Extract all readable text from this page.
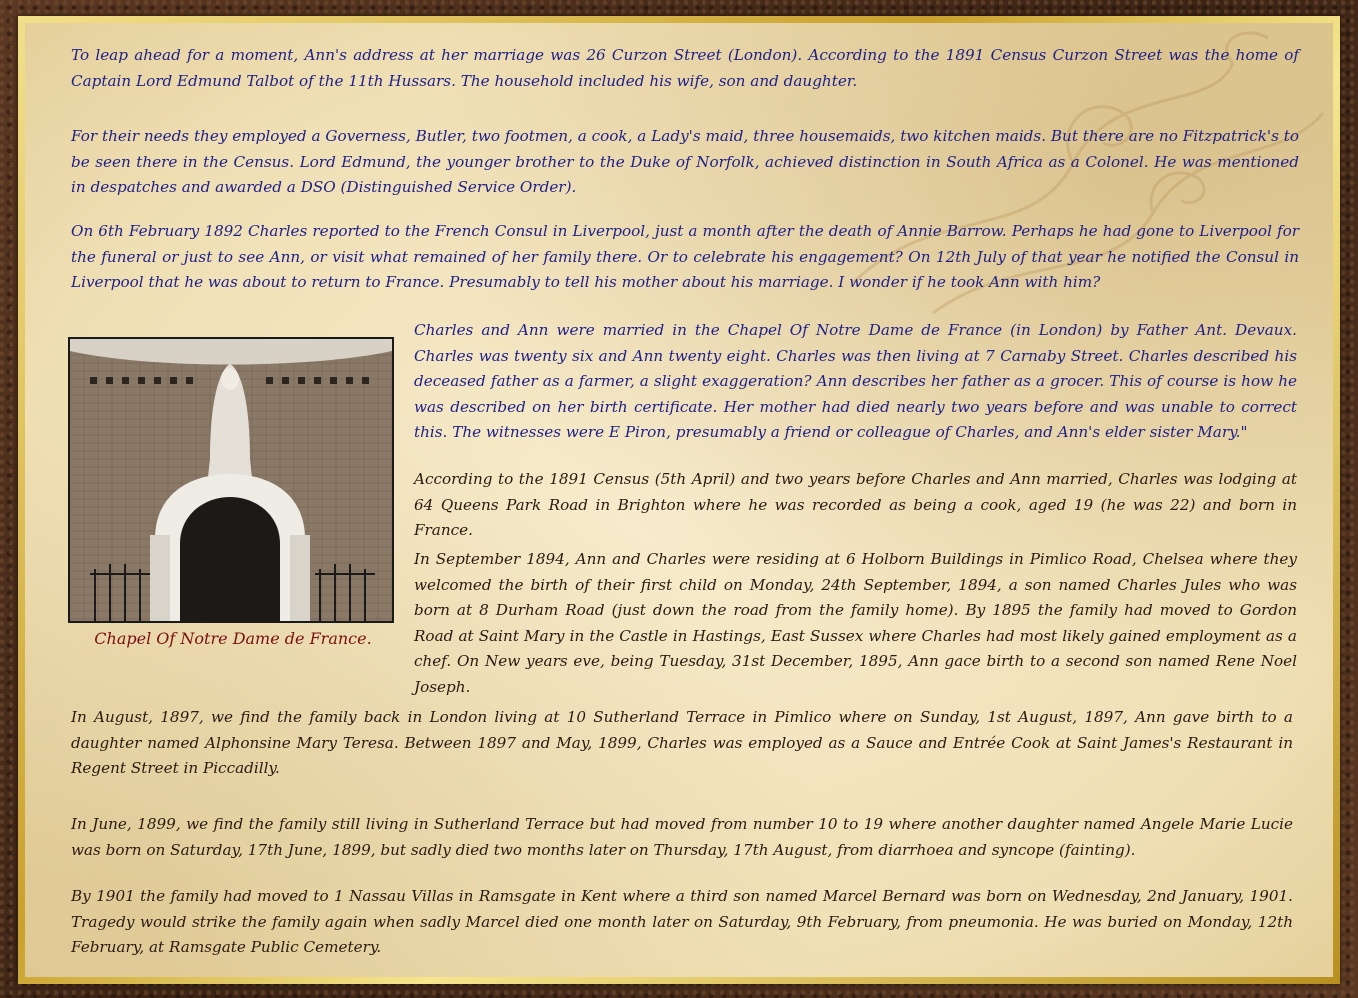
To leap ahead for a moment, Ann's address at her marriage was 26 Curzon Street (London). According to the 1891 Census Curzon Street was the home of Captain Lord Edmund Talbot of the 11th Hussars. The household included his wife, son and daughter.

For their needs they employed a Governess, Butler, two footmen, a cook, a Lady's maid, three housemaids, two kitchen maids. But there are no Fitzpatrick's to be seen there in the Census. Lord Edmund, the younger brother to the Duke of Norfolk, achieved distinction in South Africa as a Colonel. He was mentioned in despatches and awarded a DSO (Distinguished Service Order).

On 6th February 1892 Charles reported to the French Consul in Liverpool, just a month after the death of Annie Barrow. Perhaps he had gone to Liverpool for the funeral or just to see Ann, or visit what remained of her family there. Or to celebrate his engagement? On 12th July of that year he notified the Consul in Liverpool that he was about to return to France. Presumably to tell his mother about his marriage. I wonder if he took Ann with him?

Chapel Of Notre Dame de France.

Charles and Ann were married in the Chapel Of Notre Dame de France (in London) by Father Ant. Devaux. Charles was twenty six and Ann twenty eight. Charles was then living at 7 Carnaby Street. Charles described his deceased father as a farmer, a slight exaggeration? Ann describes her father as a grocer. This of course is how he was described on her birth certificate. Her mother had died nearly two years before and was unable to correct this. The witnesses were E Piron, presumably a friend or colleague of Charles, and Ann's elder sister Mary."

According to the 1891 Census (5th April) and two years before Charles and Ann married, Charles was lodging at 64 Queens Park Road in Brighton where he was recorded as being a cook, aged 19 (he was 22) and born in France.

In September 1894, Ann and Charles were residing at 6 Holborn Buildings in Pimlico Road, Chelsea where they welcomed the birth of their first child on Monday, 24th September, 1894, a son named Charles Jules who was born at 8 Durham Road (just down the road from the family home). By 1895 the family had moved to Gordon Road at Saint Mary in the Castle in Hastings, East Sussex where Charles had most likely gained employment as a chef. On New years eve, being Tuesday, 31st December, 1895, Ann gace birth to a second son named Rene Noel Joseph.

In August, 1897, we find the family back in London living at 10 Sutherland Terrace in Pimlico where on Sunday, 1st August, 1897, Ann gave birth to a daughter named Alphonsine Mary Teresa. Between 1897 and May, 1899, Charles was employed as a Sauce and Entrée Cook at Saint James's Restaurant in Regent Street in Piccadilly.

In June, 1899, we find the family still living in Sutherland Terrace but had moved from number 10 to 19 where another daughter named Angele Marie Lucie was born on Saturday, 17th June, 1899, but sadly died two months later on Thursday, 17th August, from diarrhoea and syncope (fainting).

By 1901 the family had moved to 1 Nassau Villas in Ramsgate in Kent where a third son named Marcel Bernard was born on Wednesday, 2nd January, 1901. Tragedy would strike the family again when sadly Marcel died one month later on Saturday, 9th February, from pneumonia. He was buried on Monday, 12th February, at Ramsgate Public Cemetery.
